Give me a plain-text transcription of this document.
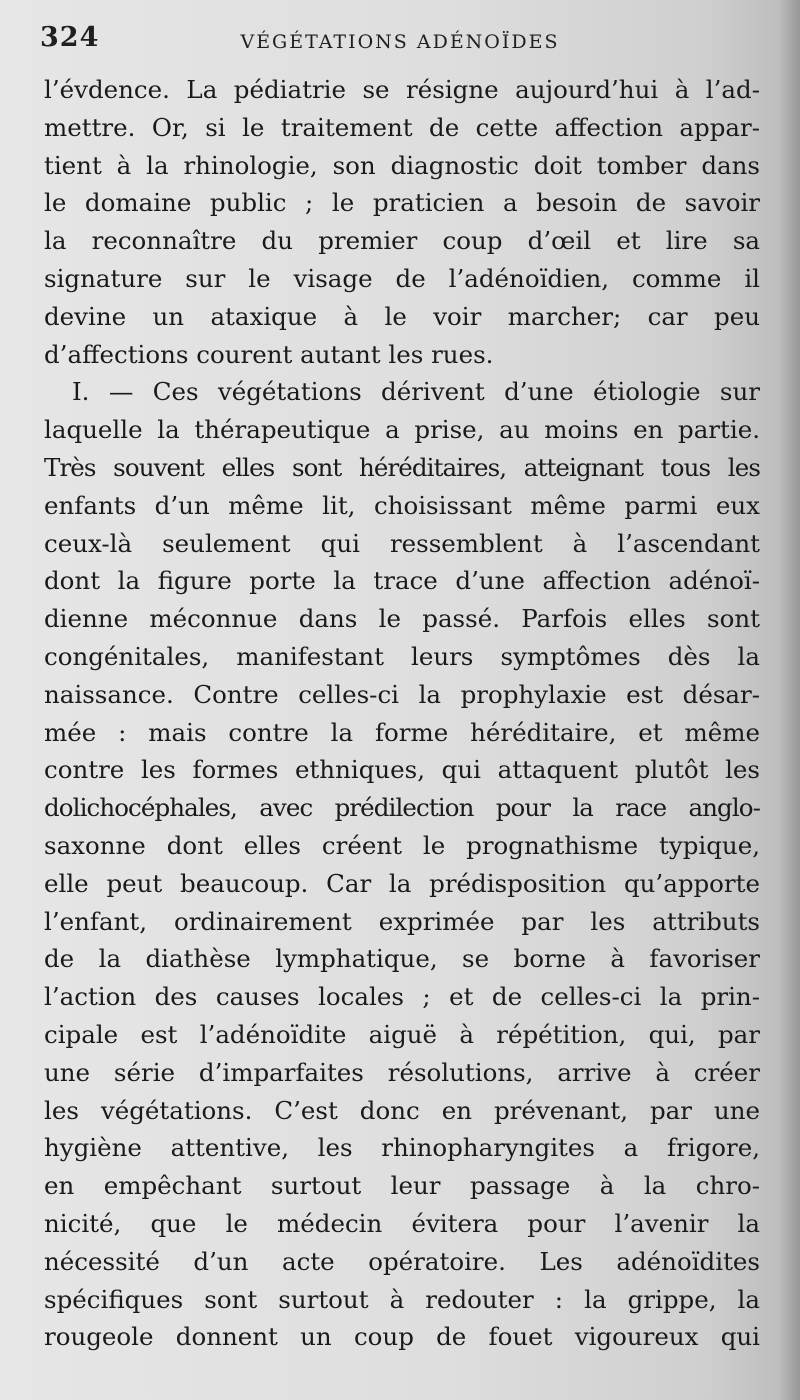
324	VÉGÉTATIONS ADÉNOÏDES
l’évdence. La pédiatrie se résigne aujourd’hui à l’ad-
mettre. Or, si le traitement de cette affection appar-
tient à la rhinologie, son diagnostic doit tomber dans
le domaine public ; le praticien a besoin de savoir
la reconnaître du premier coup d’œil et lire sa
signature sur le visage de l’adénoïdien, comme il
devine un ataxique à le voir marcher; car peu
d’affections courent autant les rues.
I. — Ces végétations dérivent d’une étiologie sur
laquelle la thérapeutique a prise, au moins en partie.
Très souvent elles sont héréditaires, atteignant tous les
enfants d’un même lit, choisissant même parmi eux
ceux-là seulement qui ressemblent à l’ascendant
dont la figure porte la trace d’une affection adénoï-
dienne méconnue dans le passé. Parfois elles sont
congénitales, manifestant leurs symptômes dès la
naissance. Contre celles-ci la prophylaxie est désar-
mée : mais contre la forme héréditaire, et même
contre les formes ethniques, qui attaquent plutôt les
dolichocéphales, avec prédilection pour la race anglo-
saxonne dont elles créent le prognathisme typique,
elle peut beaucoup. Car la prédisposition qu’apporte
l’enfant, ordinairement exprimée par les attributs
de la diathèse lymphatique, se borne à favoriser
l’action des causes locales ; et de celles-ci la prin-
cipale est l’adénoïdite aiguë à répétition, qui, par
une série d’imparfaites résolutions, arrive à créer
les végétations. C’est donc en prévenant, par une
hygiène attentive, les rhinopharyngites a frigore,
en empêchant surtout leur passage à la chro-
nicité, que le médecin évitera pour l’avenir la
nécessité d’un acte opératoire. Les adénoïdites
spécifiques sont surtout à redouter : la grippe, la
rougeole donnent un coup de fouet vigoureux qui
